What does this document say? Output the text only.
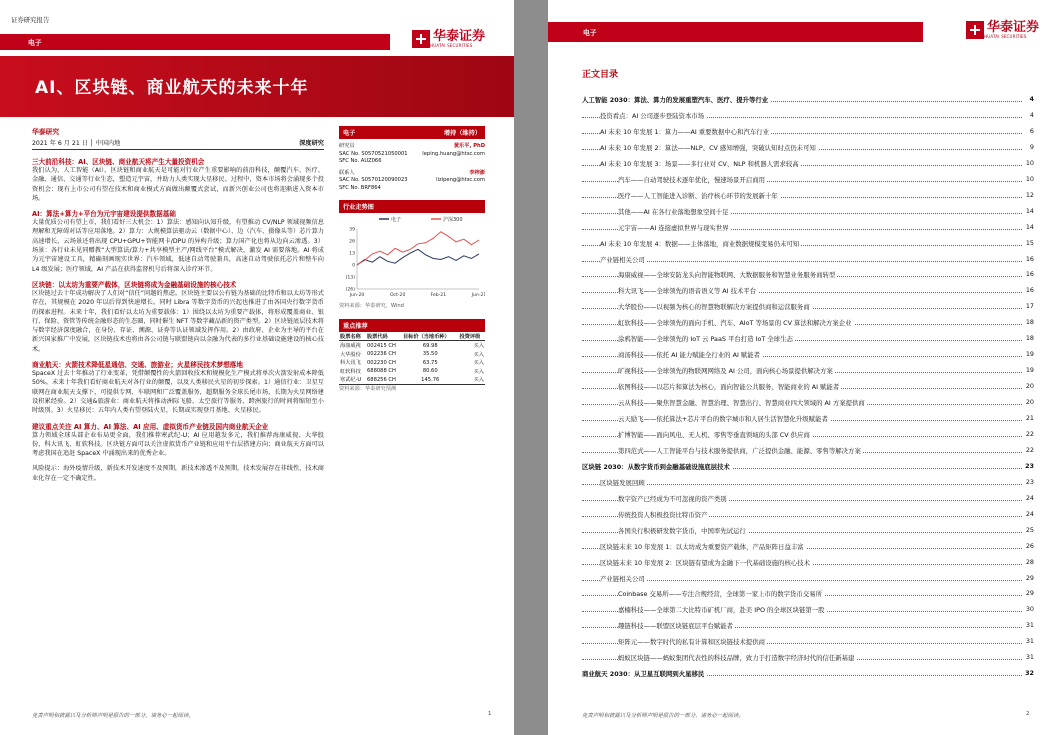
证券研究报告
电子	华泰证券
HUATAI SECURITIES
AI、区块链、商业航天的未来十年
华泰研究
2021 年 6 月 21 日 │ 中国内地	深度研究
三大前沿科技：AI、区块链、商业航天将产生大量投资机会
我们认为，人工智能（AI）、区块链和商业航天是可能对行业产生重要影响的前沿科技，颠覆汽车、医疗、金融、通信、交通等行业生态，塑造元宇宙，并助力人类实现大星移民。过程中，资本市场将会涌现多个投资机会：现有上市公司有望在技术和商业模式方面做出颠覆式尝试，而新兴创业公司也将迎渐进入资本市场。
AI：算法+算力+平台为元宇宙建设提供数据基础
大量优质公司有望上市，我们看好三大机会：1）算法：感知向认知升级，有望推动 CV/NLP 领域视频信息理解和无障碍对话等应用落地。2）算力：大规模算法驱动云（数据中心）、边（汽车、摄像头等）芯片算力高速增长，云场景还将出现 CPU+GPU+智能网卡/DPU 的异构升级；算力国产化也将从边向云渗透。3）场景：各行业未见同赠教“大型算法/算力+共享模型主产/网线平台”模式解决，激发 AI 需要落地。AI 将成为元宇宙建设工具，精确刻画现实世界：汽车领域，低速自动驾驶兼具，高速自动驾驶依托芯片和整车向 L4 级发展；医疗领域，AI 产品在获得监督机号后将深入诊疗环节。
区块链：以太坊为重要产载体，区块链将成为金融基础设施的核心技术
区块链过去十年成功解决了人们对“信任”问题的焦虑。区块链主要以公有链为基础的比特币和以太坊等形式存在，其规模在 2020 年以后得到快速增长。同时 Libra 等数字货币的兴起也推进了由各国央行数字货币的探索进程。未来十年，我们看好以太坊为重要载体：1）围绕以太坊为重要产载体，将形成覆盖商业、银行、保险、资管等传统金融形态的生态圈，同时催生 NFT 等数字藏品新的资产类型。2）区块链底层技术将与数字经济深度融合，在身份、存证、溯源、证券等认证领域发挥作用。2）由政府、企业为主导的平台在新兴国家推广中发展，区块链技术也将由各公司链与联盟链向以金融为代表的多行业基础设施建设的核心技术。
商业航天：火箭技术降低星通信、交通、旅游业；火星移民技术梦想落地
SpaceX 过去十年推动了行业变革，凭借颠覆性的火箭回收技术和规模化生产模式将单次火箭发射成本降低 50%。未来十年我们看好商业航天对各行业的颠覆，以及人类移民火星的初步探索。1）通信行业：卫星互联网在商业航天支撑下，可提供专网、车联网和广泛覆盖服务，超期服务全球长尾市场，长期为火星网络建设积累经验。2）交通&旅游业：商业航天将推动洲际飞船、太空旅行等服务，跨洲旅行的时间将缩短至小时级别。3）火星移民：五年内人类有望登陆火星，长期或实现登月基地、火星移民。
建议重点关注 AI 算力、AI 算法、AI 应用、虚拟货币产业链及国内商业航天企业
算力领域全球头部企业布局更全面，我们推荐寒武纪-U；AI 应用越发多元，我们推荐海康威视、大华股份、科大讯飞、虹软科技。区块链方面可以关注虚拟货币产业链和应用平台层搭建方向；商业航天方面可以考虑我国在追赶 SpaceX 中涌现出来的优秀企业。
风险提示：海外疫情升级，新技术开发速度不及预期，新技术渗透不及预期，技术发展存在非线性，技术商业化存在一定不确定性。
电子	增持（维持）
研究员	黄乐平, PhD
SAC No. S0570521050001	leping.huang@htsc.com
SFC No. AUZ066
联系人	李梓澎
SAC No. S0570120090023	lizipeng@htsc.com
SFC No. BRF864
行业走势图
电子	沪深300
(26)
(13)
0
13
26
39
Jun-20	Oct-20	Feb-21	Jun-21
资料来源：华泰研究，Wind
重点推荐
股票名称	股票代码	目标价（当地币种）	投资评级
海康威视	002415 CH	69.98	买入
大华股份	002236 CH	35.50	买入
科大讯飞	002230 CH	63.75	买入
虹软科技	688088 CH	80.60	买入
寒武纪-U	688256 CH	145.76	买入
资料来源：华泰研究预测
免责声明和披露以及分析师声明是报告的一部分，请务必一起阅读。	1
电子	华泰证券
HUATAI SECURITIES
正文目录
人工智能 2030：算法、算力的发展重塑汽车、医疗、提升等行业	4
投资看点：AI 公司逐步登陆资本市场	4
AI 未来 10 年发展 1：算力——AI 重要数据中心和汽车行业	6
AI 未来 10 年发展 2：算法——NLP、CV 感知增强，突破认知时点仍未可知	9
AI 未来 10 年发展 3：场景——多行业对 CV、NLP 和机器人需求较高	10
汽车——自动驾驶技术逐年优化，慢速场景开启商用	10
医疗——人工智能进入诊断、治疗核心环节的发展新十年	12
其他——AI 在各行业落地想象空间十足	14
元宇宙——AI 连接虚拟世界与现实世界	14
AI 未来 10 年发展 4：数据——主体落地，商业数据规模变易仍未可知	15
产业链相关公司	16
海康威视——全球安防龙头向智能物联网、大数据服务和智慧业务服务商转型	16
科大讯飞——全球领先的语音语义等 AI 技术平台	16
大华股份——以视频为核心的智慧物联解决方案提供商和运营服务商	17
虹软科技——全球领先的面向手机、汽车、AIoT 等场景的 CV 算法和解决方案企业	18
涂鸦智能——全球领先的 IoT 云 PaaS 平台打造 IoT 全球生态	18
商汤科技——依托 AI 能力赋能全行业的 AI 赋能者	19
旷视科技——全球领先的物联网网络及 AI 公司，面向核心场景提供解决方案	19
依图科技——以芯片和算法为核心，面向智能公共服务、智能商业的 AI 赋能者	20
云从科技——聚焦智慧金融、智慧治理、智慧出行、智慧商业四大领域的 AI 方案提供商	20
云天励飞——依托算法+芯片平台的数字城市和人居生活智慧化升级赋能者	21
扩博智能——面向风电、无人机、零售等垂直领域的头部 CV 供应商	22
第四范式——人工智能平台与技术服务提供商，广泛提供金融、能源、零售等解决方案	22
区块链 2030：从数字货币到金融基础设施底层技术	23
区块链发展回顾	23
数字资产已经成为不可忽视的资产类别	24
传统投资人积极投资比特币资产	24
各国央行积极研发数字货币，中国率先试运行	25
区块链未来 10 年发展 1：以太坊成为重要资产载体，产品矩阵日益丰富	26
区块链未来 10 年发展 2：区块链有望成为金融下一代基础设施的核心技术	28
产业链相关公司	29
Coinbase 交易所——专注合规经营，全球第一家上市的数字货币交易所	29
嘉楠科技——全球第二大比特币矿机厂商，赴美 IPO 的全球区块链第一股	30
趣链科技——联盟区块链底层平台赋能者	31
矩阵元——数字时代的私有计算和区块链技术提供商	31
蚂蚁区块链——蚂蚁集团代表性的科技品牌，致力于打造数字经济时代的信任新基建	31
商业航天 2030：从卫星互联网到火星移民	32
免责声明和披露以及分析师声明是报告的一部分，请务必一起阅读。	2
